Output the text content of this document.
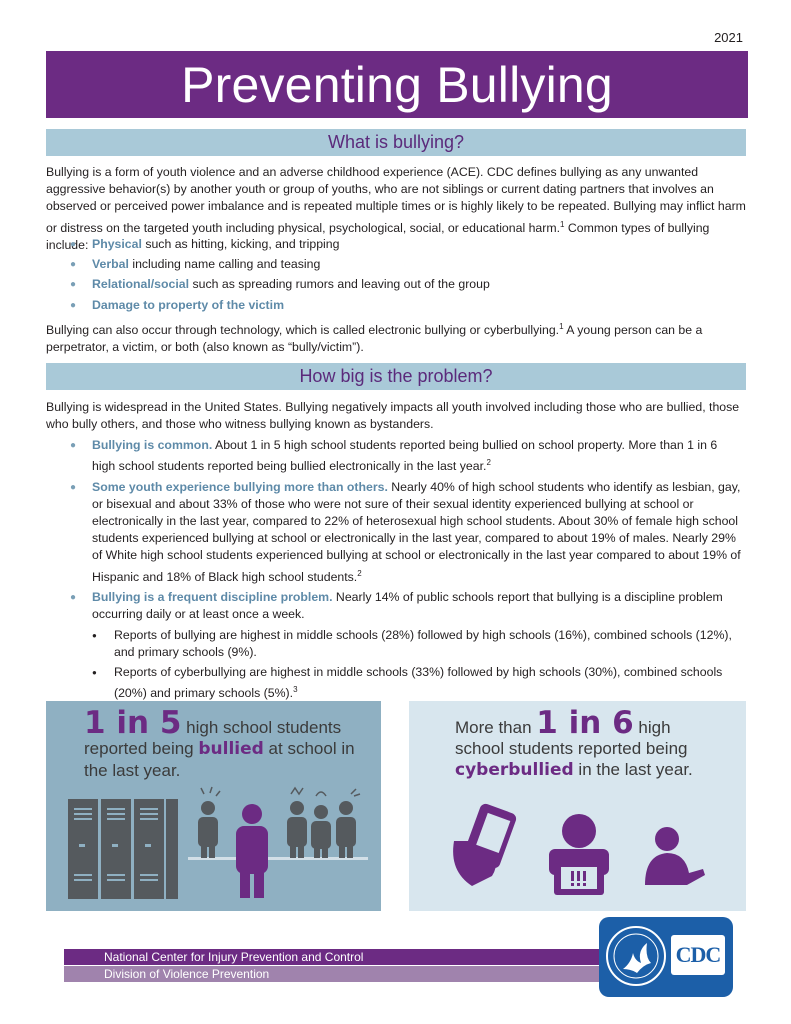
2021
Preventing Bullying
What is bullying?

Bullying is a form of youth violence and an adverse childhood experience (ACE). CDC defines bullying as any unwanted aggressive behavior(s) by another youth or group of youths, who are not siblings or current dating partners that involves an observed or perceived power imbalance and is repeated multiple times or is highly likely to be repeated. Bullying may inflict harm or distress on the targeted youth including physical, psychological, social, or educational harm.$^1$ Common types of bullying include:

● Physical such as hitting, kicking, and tripping
● Verbal including name calling and teasing
● Relational/social such as spreading rumors and leaving out of the group
● Damage to property of the victim

Bullying can also occur through technology, which is called electronic bullying or cyberbullying.$^1$ A young person can be a perpetrator, a victim, or both (also known as “bully/victim”).

How big is the problem?

Bullying is widespread in the United States. Bullying negatively impacts all youth involved including those who are bullied, those who bully others, and those who witness bullying known as bystanders.

● Bullying is common. About 1 in 5 high school students reported being bullied on school property. More than 1 in 6 high school students reported being bullied electronically in the last year.$^2$
● Some youth experience bullying more than others. Nearly 40% of high school students who identify as lesbian, gay, or bisexual and about 33% of those who were not sure of their sexual identity experienced bullying at school or electronically in the last year, compared to 22% of heterosexual high school students. About 30% of female high school students experienced bullying at school or electronically in the last year, compared to about 19% of males. Nearly 29% of White high school students experienced bullying at school or electronically in the last year compared to about 19% of Hispanic and 18% of Black high school students.$^2$
● Bullying is a frequent discipline problem. Nearly 14% of public schools report that bullying is a discipline problem occurring daily or at least once a week.
● Reports of bullying are highest in middle schools (28%) followed by high schools (16%), combined schools (12%), and primary schools (9%).
● Reports of cyberbullying are highest in middle schools (33%) followed by high schools (30%), combined schools (20%) and primary schools (5%).$^3$
1 in 5 high school students reported being bullied at school in the last year.
More than 1 in 6 high school students reported being cyberbullied in the last year.
National Center for Injury Prevention and Control
Division of Violence Prevention
CDC
